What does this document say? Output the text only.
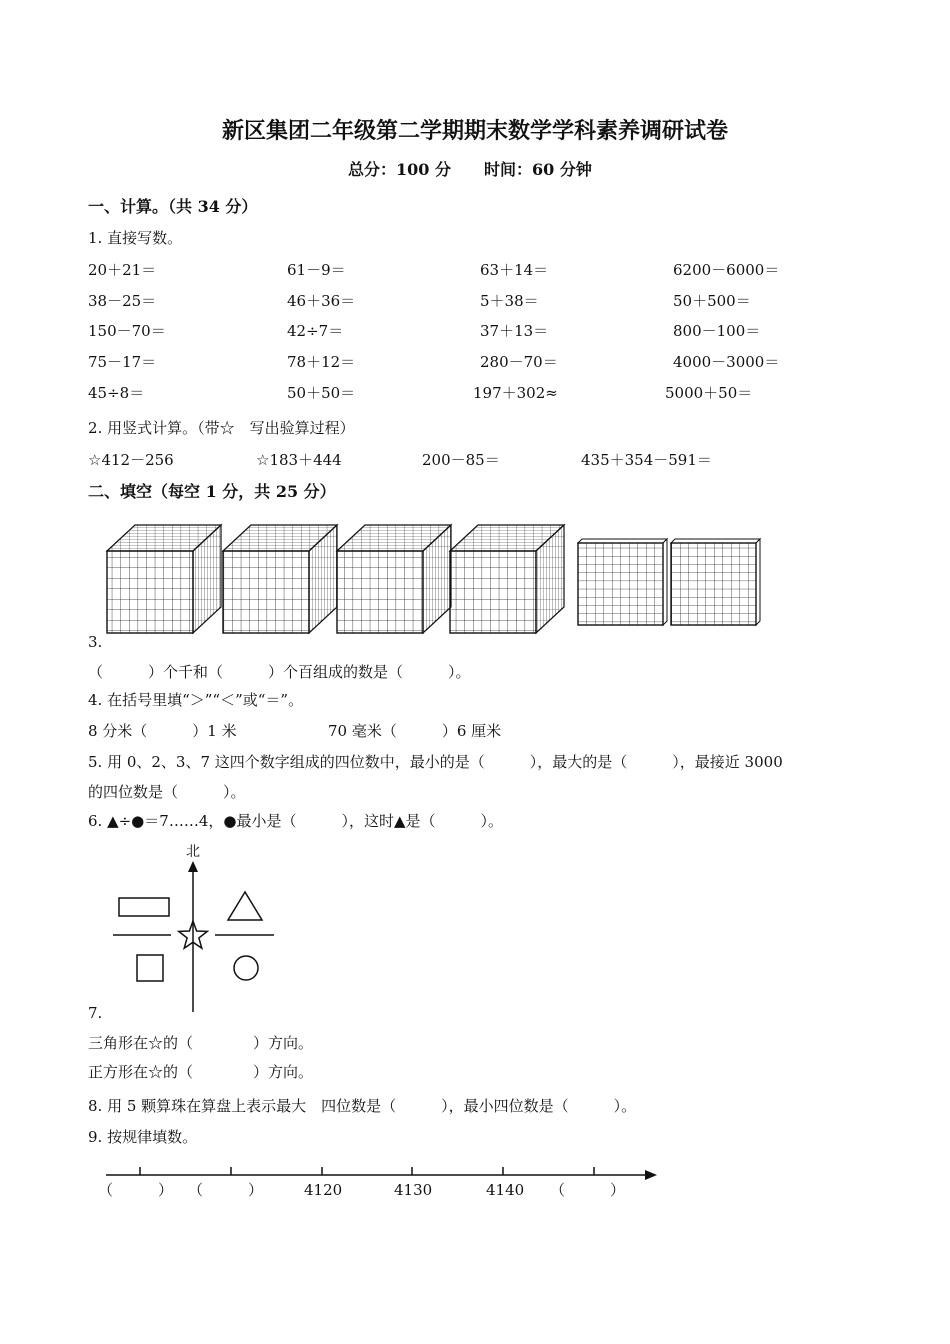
新区集团二年级第二学期期末数学学科素养调研试卷
总分：100 分 时间：60 分钟
一、计算。（共 34 分）
1. 直接写数。
20＋21＝	61－9＝	63＋14＝	6200－6000＝
38－25＝	46＋36＝	5＋38＝	50＋500＝
150－70＝	42÷7＝	37＋13＝	800－100＝
75－17＝	78＋12＝	280－70＝	4000－3000＝
45÷8＝	50＋50＝	197＋302≈	5000＋50＝
2. 用竖式计算。（带☆　写出验算过程）
☆412－256	☆183＋444	200－85＝	435＋354－591＝
二、填空（每空 1 分，共 25 分）
3.
（　　　）个千和（　　　）个百组成的数是（　　　）。
4. 在括号里填“＞”“＜”或“＝”。
8 分米（　　　）1 米	70 毫米（　　　）6 厘米
5. 用 0、2、3、7 这四个数字组成的四位数中，最小的是（　　　），最大的是（　　　），最接近 3000
的四位数是（　　　）。
6. ▲÷●＝7……4，●最小是（　　　），这时▲是（　　　）。
北
7.
三角形在☆的（　　　　）方向。
正方形在☆的（　　　　）方向。
8. 用 5 颗算珠在算盘上表示最大　四位数是（　　　），最小四位数是（　　　）。
9. 按规律填数。
（　　　） （　　　）	4120	4130	4140 （　　　）
